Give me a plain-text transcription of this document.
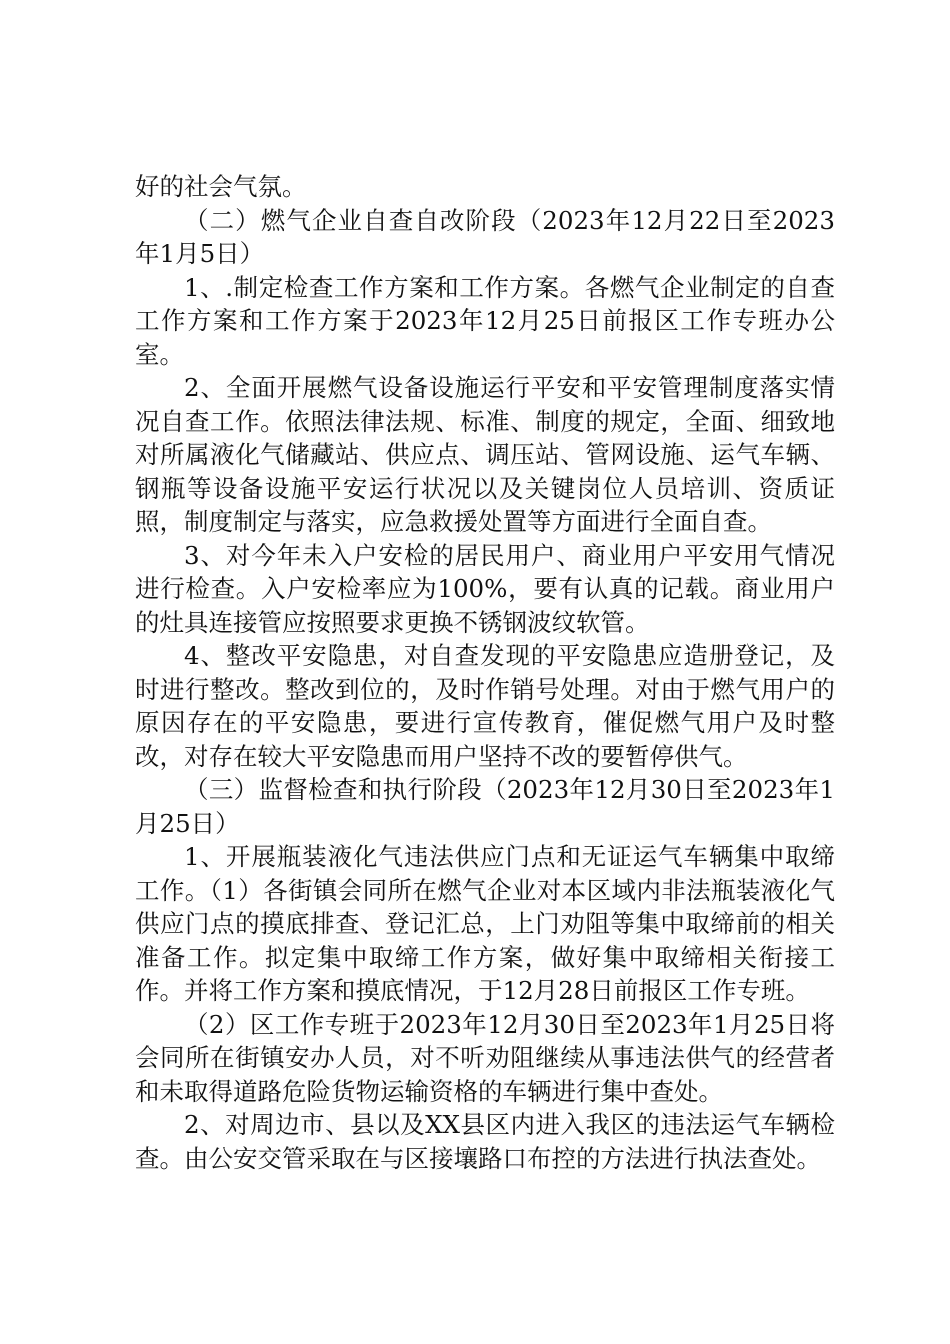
好的社会气氛。

（二）燃气企业自查自改阶段（2023年12月22日至2023年1月5日）

1、.制定检查工作方案和工作方案。各燃气企业制定的自查工作方案和工作方案于2023年12月25日前报区工作专班办公室。

2、全面开展燃气设备设施运行平安和平安管理制度落实情况自查工作。依照法律法规、标准、制度的规定，全面、细致地对所属液化气储藏站、供应点、调压站、管网设施、运气车辆、钢瓶等设备设施平安运行状况以及关键岗位人员培训、资质证照，制度制定与落实，应急救援处置等方面进行全面自查。

3、对今年未入户安检的居民用户、商业用户平安用气情况进行检查。入户安检率应为100%，要有认真的记载。商业用户的灶具连接管应按照要求更换不锈钢波纹软管。

4、整改平安隐患，对自查发现的平安隐患应造册登记，及时进行整改。整改到位的，及时作销号处理。对由于燃气用户的原因存在的平安隐患，要进行宣传教育，催促燃气用户及时整改，对存在较大平安隐患而用户坚持不改的要暂停供气。

（三）监督检查和执行阶段（2023年12月30日至2023年1月25日）

1、开展瓶装液化气违法供应门点和无证运气车辆集中取缔工作。（1）各街镇会同所在燃气企业对本区域内非法瓶装液化气供应门点的摸底排查、登记汇总，上门劝阻等集中取缔前的相关准备工作。拟定集中取缔工作方案，做好集中取缔相关衔接工作。并将工作方案和摸底情况，于12月28日前报区工作专班。

（2）区工作专班于2023年12月30日至2023年1月25日将会同所在街镇安办人员，对不听劝阻继续从事违法供气的经营者和未取得道路危险货物运输资格的车辆进行集中查处。

2、对周边市、县以及XX县区内进入我区的违法运气车辆检查。由公安交管采取在与区接壤路口布控的方法进行执法查处。
